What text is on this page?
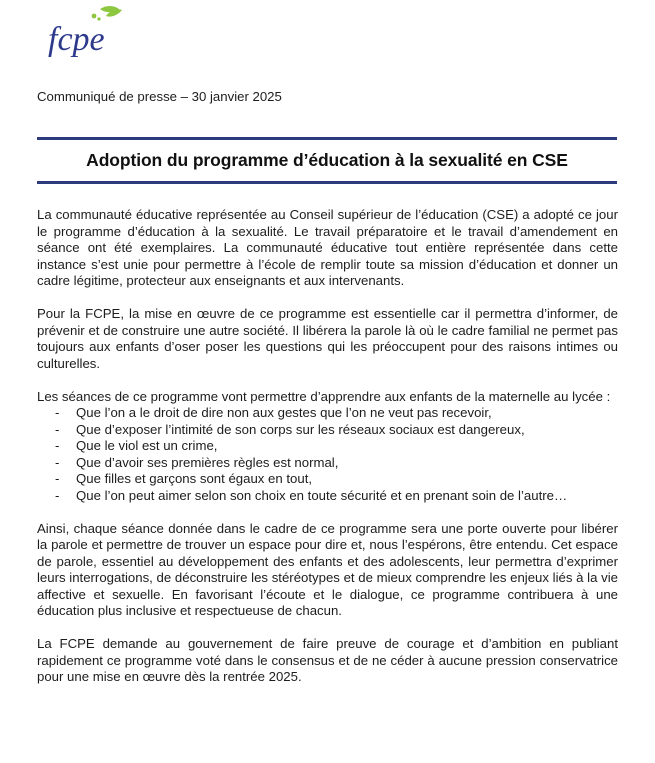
fcpe
Communiqué de presse – 30 janvier 2025
Adoption du programme d’éducation à la sexualité en CSE

La communauté éducative représentée au Conseil supérieur de l’éducation (CSE) a adopté ce jour le programme d’éducation à la sexualité. Le travail préparatoire et le travail d’amendement en séance ont été exemplaires. La communauté éducative tout entière représentée dans cette instance s’est unie pour permettre à l’école de remplir toute sa mission d’éducation et donner un cadre légitime, protecteur aux enseignants et aux intervenants.

Pour la FCPE, la mise en œuvre de ce programme est essentielle car il permettra d’informer, de prévenir et de construire une autre société. Il libérera la parole là où le cadre familial ne permet pas toujours aux enfants d’oser poser les questions qui les préoccupent pour des raisons intimes ou culturelles.

Les séances de ce programme vont permettre d’apprendre aux enfants de la maternelle au lycée :

- Que l’on a le droit de dire non aux gestes que l’on ne veut pas recevoir,
- Que d’exposer l’intimité de son corps sur les réseaux sociaux est dangereux,
- Que le viol est un crime,
- Que d’avoir ses premières règles est normal,
- Que filles et garçons sont égaux en tout,
- Que l’on peut aimer selon son choix en toute sécurité et en prenant soin de l’autre…

Ainsi, chaque séance donnée dans le cadre de ce programme sera une porte ouverte pour libérer la parole et permettre de trouver un espace pour dire et, nous l’espérons, être entendu. Cet espace de parole, essentiel au développement des enfants et des adolescents, leur permettra d’exprimer leurs interrogations, de déconstruire les stéréotypes et de mieux comprendre les enjeux liés à la vie affective et sexuelle. En favorisant l’écoute et le dialogue, ce programme contribuera à une éducation plus inclusive et respectueuse de chacun.

La FCPE demande au gouvernement de faire preuve de courage et d’ambition en publiant rapidement ce programme voté dans le consensus et de ne céder à aucune pression conservatrice pour une mise en œuvre dès la rentrée 2025.
